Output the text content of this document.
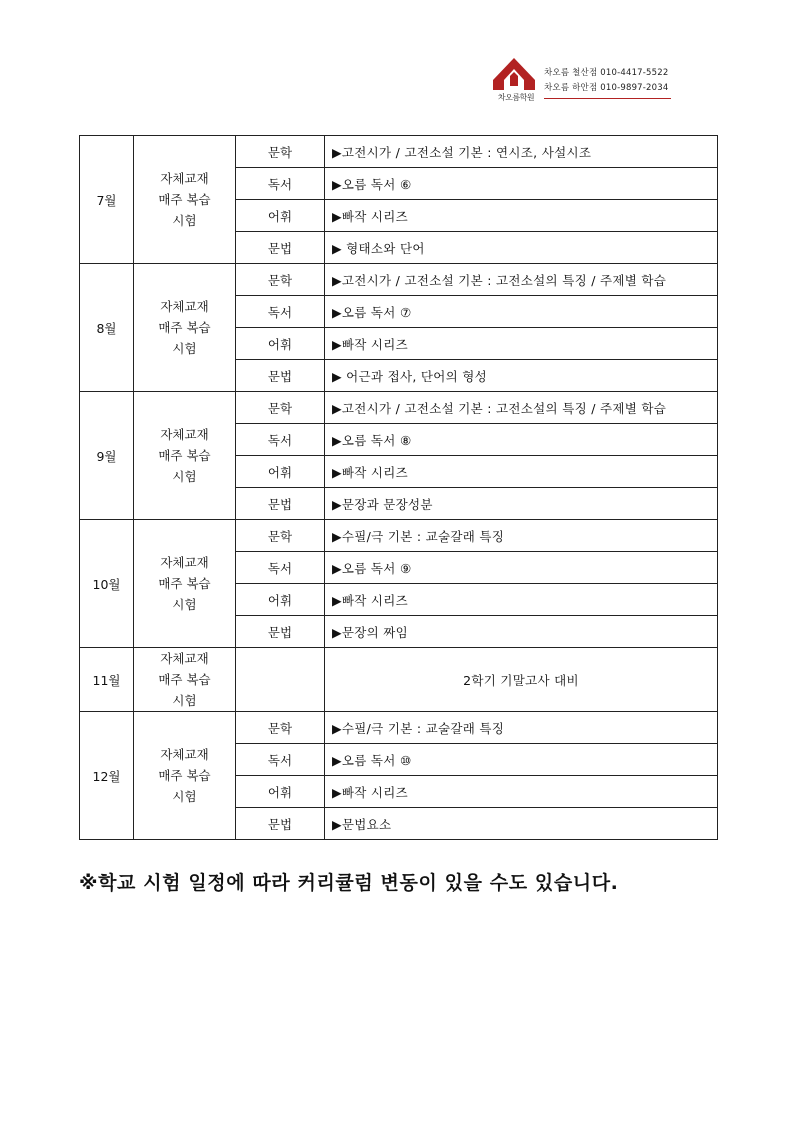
차오름학원
차오름 철산점 010-4417-5522
차오름 하안점 010-9897-2034
7월	자체교재
매주 복습
시험	문학	▶고전시가 / 고전소설 기본 : 연시조, 사설시조
		독서	▶오름 독서 ⑥
		어휘	▶빠작 시리즈
		문법	▶ 형태소와 단어
8월	자체교재
매주 복습
시험	문학	▶고전시가 / 고전소설 기본 : 고전소설의 특징 / 주제별 학습
		독서	▶오름 독서 ⑦
		어휘	▶빠작 시리즈
		문법	▶ 어근과 접사, 단어의 형성
9월	자체교재
매주 복습
시험	문학	▶고전시가 / 고전소설 기본 : 고전소설의 특징 / 주제별 학습
		독서	▶오름 독서 ⑧
		어휘	▶빠작 시리즈
		문법	▶문장과 문장성분
10월	자체교재
매주 복습
시험	문학	▶수필/극 기본 : 교술갈래 특징
		독서	▶오름 독서 ⑨
		어휘	▶빠작 시리즈
		문법	▶문장의 짜임
11월	자체교재
매주 복습
시험		2학기 기말고사 대비
12월	자체교재
매주 복습
시험	문학	▶수필/극 기본 : 교술갈래 특징
		독서	▶오름 독서 ⑩
		어휘	▶빠작 시리즈
		문법	▶문법요소
※학교 시험 일정에 따라 커리큘럼 변동이 있을 수도 있습니다.
